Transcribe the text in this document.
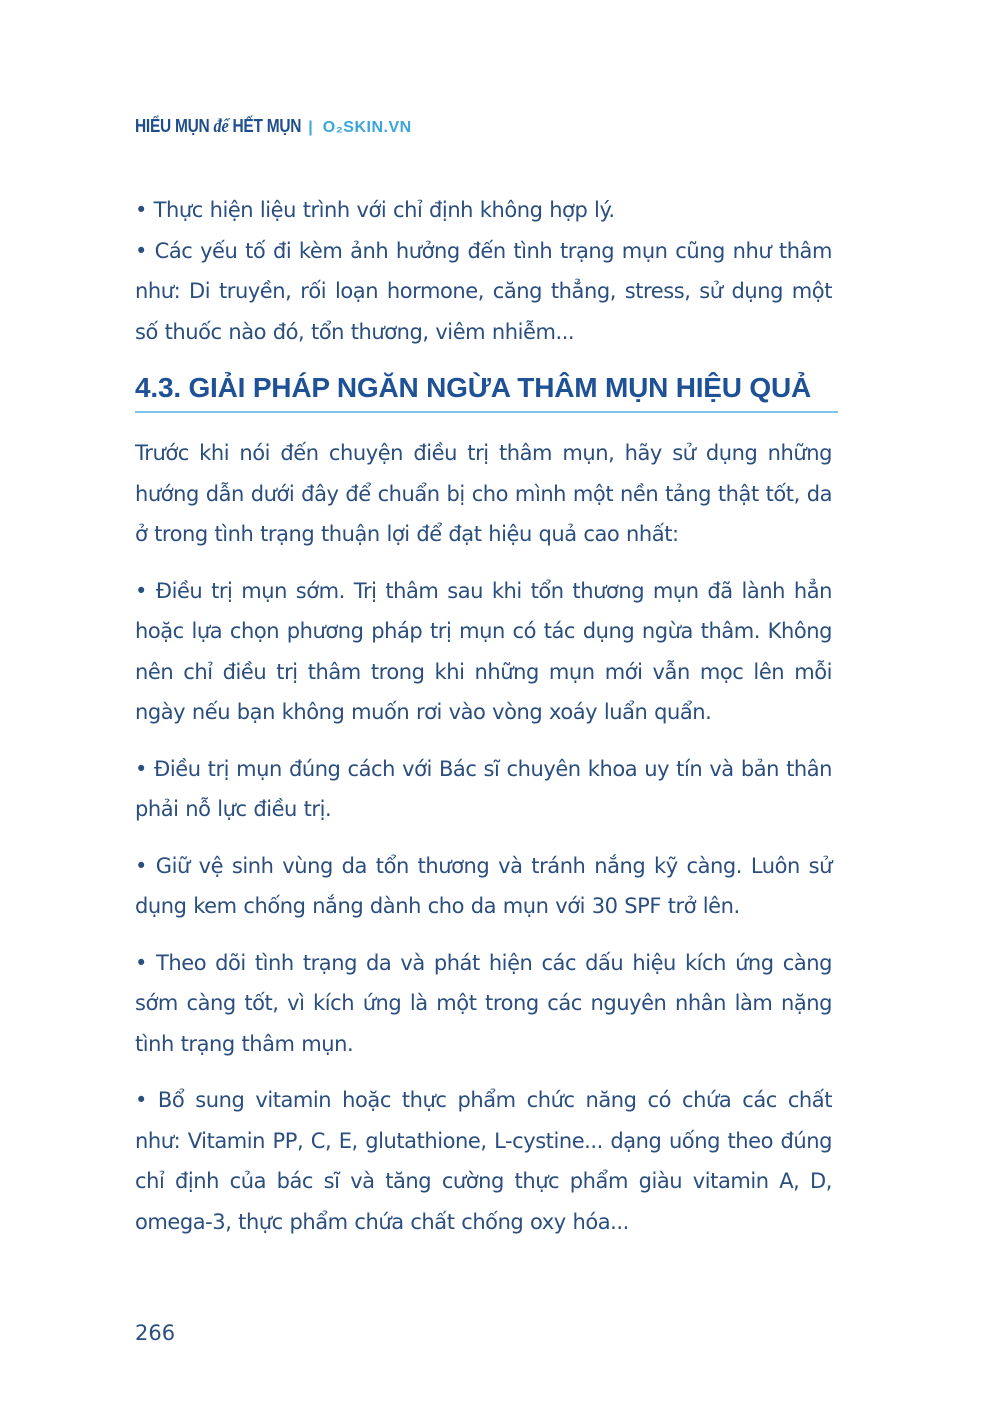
HIỂU MỤN để HẾT MỤN | O₂SKIN.VN

• Thực hiện liệu trình với chỉ định không hợp lý.

• Các yếu tố đi kèm ảnh hưởng đến tình trạng mụn cũng như thâm như: Di truyền, rối loạn hormone, căng thẳng, stress, sử dụng một số thuốc nào đó, tổn thương, viêm nhiễm...

4.3. GIẢI PHÁP NGĂN NGỪA THÂM MỤN HIỆU QUẢ

Trước khi nói đến chuyện điều trị thâm mụn, hãy sử dụng những hướng dẫn dưới đây để chuẩn bị cho mình một nền tảng thật tốt, da ở trong tình trạng thuận lợi để đạt hiệu quả cao nhất:

• Điều trị mụn sớm. Trị thâm sau khi tổn thương mụn đã lành hẳn hoặc lựa chọn phương pháp trị mụn có tác dụng ngừa thâm. Không nên chỉ điều trị thâm trong khi những mụn mới vẫn mọc lên mỗi ngày nếu bạn không muốn rơi vào vòng xoáy luẩn quẩn.

• Điều trị mụn đúng cách với Bác sĩ chuyên khoa uy tín và bản thân phải nỗ lực điều trị.

• Giữ vệ sinh vùng da tổn thương và tránh nắng kỹ càng. Luôn sử dụng kem chống nắng dành cho da mụn với 30 SPF trở lên.

• Theo dõi tình trạng da và phát hiện các dấu hiệu kích ứng càng sớm càng tốt, vì kích ứng là một trong các nguyên nhân làm nặng tình trạng thâm mụn.

• Bổ sung vitamin hoặc thực phẩm chức năng có chứa các chất như: Vitamin PP, C, E, glutathione, L-cystine... dạng uống theo đúng chỉ định của bác sĩ và tăng cường thực phẩm giàu vitamin A, D, omega-3, thực phẩm chứa chất chống oxy hóa...

266
